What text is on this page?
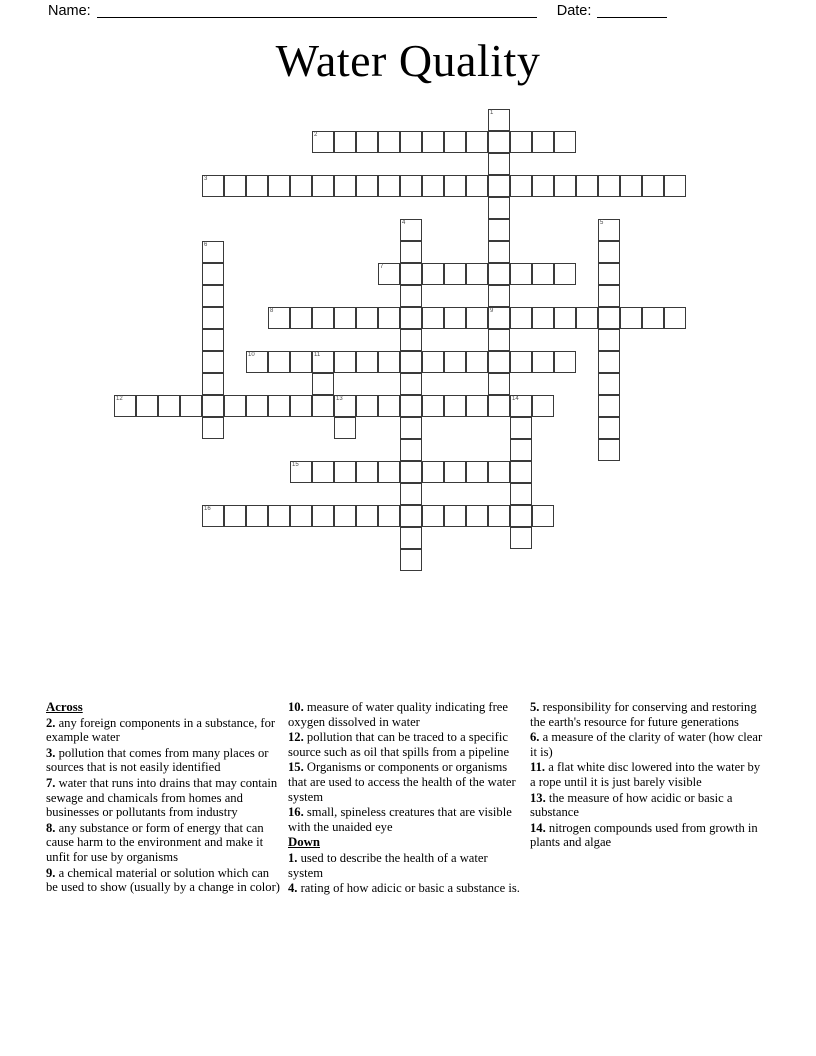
Name:	Date:
Water Quality
1
9
2
3
4	5
6
7
8
10	11
12	13	14
15
16
Across

2. any foreign components in a substance, for example water

3. pollution that comes from many places or sources that is not easily identified

7. water that runs into drains that may contain sewage and chamicals from homes and businesses or pollutants from industry

8. any substance or form of energy that can cause harm to the environment and make it unfit for use by organisms

9. a chemical material or solution which can be used to show (usually by a change in color)

10. measure of water quality indicating free oxygen dissolved in water

12. pollution that can be traced to a specific source such as oil that spills from a pipeline

15. Organisms or components or organisms that are used to access the health of the water system

16. small, spineless creatures that are visible with the unaided eye

Down

1. used to describe the health of a water system

4. rating of how adicic or basic a substance is.

5. responsibility for conserving and restoring the earth's resource for future generations

6. a measure of the clarity of water (how clear it is)

11. a flat white disc lowered into the water by a rope until it is just barely visible

13. the measure of how acidic or basic a substance

14. nitrogen compounds used from growth in plants and algae
